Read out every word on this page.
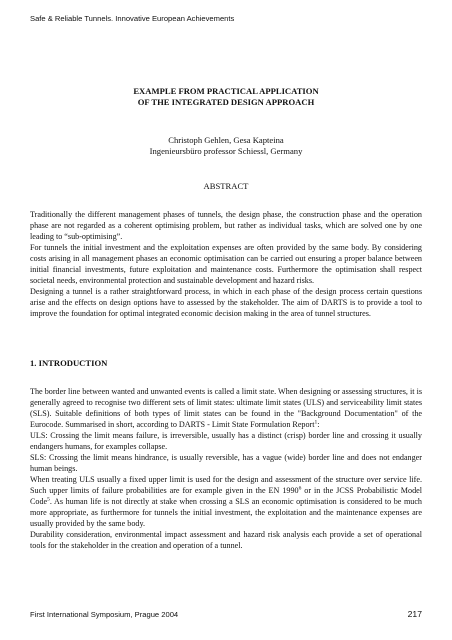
Safe & Reliable Tunnels. Innovative European Achievements
EXAMPLE FROM PRACTICAL APPLICATION
OF THE INTEGRATED DESIGN APPROACH
Christoph Gehlen, Gesa Kapteina
Ingenieursbüro professor Schiessl, Germany
ABSTRACT

Traditionally the different management phases of tunnels, the design phase, the construction phase and the operation phase are not regarded as a coherent optimising problem, but rather as individual tasks, which are solved one by one leading to “sub-optimising”.

For tunnels the initial investment and the exploitation expenses are often provided by the same body. By considering costs arising in all management phases an economic optimisation can be carried out ensuring a proper balance between initial financial investments, future exploitation and maintenance costs. Furthermore the optimisation shall respect societal needs, environmental protection and sustainable development and hazard risks.

Designing a tunnel is a rather straightforward process, in which in each phase of the design process certain questions arise and the effects on design options have to assessed by the stakeholder. The aim of DARTS is to provide a tool to improve the foundation for optimal integrated economic decision making in the area of tunnel structures.

1. INTRODUCTION

The border line between wanted and unwanted events is called a limit state. When designing or assessing structures, it is generally agreed to recognise two different sets of limit states: ultimate limit states (ULS) and serviceability limit states (SLS). Suitable definitions of both types of limit states can be found in the "Background Documentation" of the Eurocode. Summarised in short, according to DARTS - Limit State Formulation Report$^1$:

ULS: Crossing the limit means failure, is irreversible, usually has a distinct (crisp) border line and crossing it usually endangers humans, for examples collapse.

SLS: Crossing the limit means hindrance, is usually reversible, has a vague (wide) border line and does not endanger human beings.

When treating ULS usually a fixed upper limit is used for the design and assessment of the structure over service life. Such upper limits of failure probabilities are for example given in the EN 1990$^6$ or in the JCSS Probabilistic Model Code$^5$. As human life is not directly at stake when crossing a SLS an economic optimisation is considered to be much more appropriate, as furthermore for tunnels the initial investment, the exploitation and the maintenance expenses are usually provided by the same body.

Durability consideration, environmental impact assessment and hazard risk analysis each provide a set of operational tools for the stakeholder in the creation and operation of a tunnel.

First International Symposium, Prague 2004	217
